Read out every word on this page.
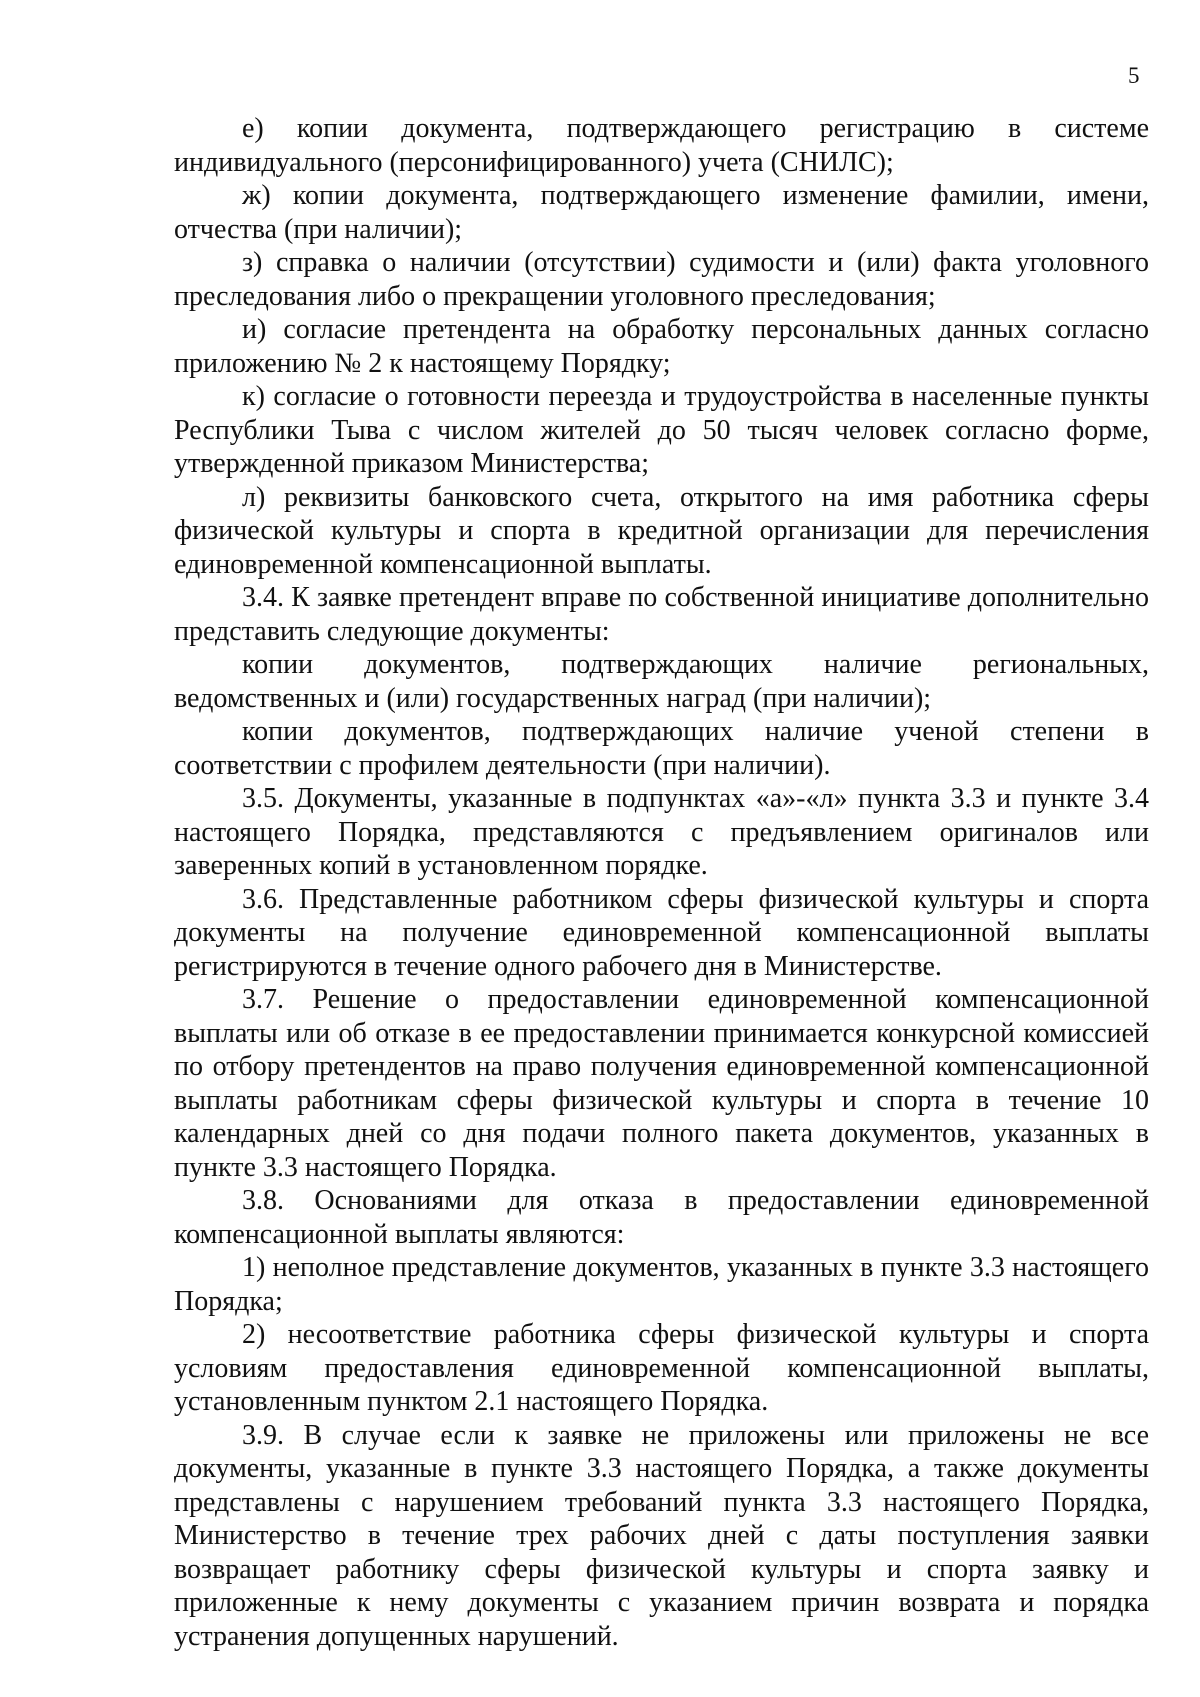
5

е) копии документа, подтверждающего регистрацию в системе индивидуального (персонифицированного) учета (СНИЛС);

ж) копии документа, подтверждающего изменение фамилии, имени, отчества (при наличии);

з) справка о наличии (отсутствии) судимости и (или) факта уголовного преследования либо о прекращении уголовного преследования;

и) согласие претендента на обработку персональных данных согласно приложению № 2 к настоящему Порядку;

к) согласие о готовности переезда и трудоустройства в населенные пункты Республики Тыва с числом жителей до 50 тысяч человек согласно форме, утвержденной приказом Министерства;

л) реквизиты банковского счета, открытого на имя работника сферы физической культуры и спорта в кредитной организации для перечисления единовременной компенсационной выплаты.

3.4. К заявке претендент вправе по собственной инициативе дополнительно представить следующие документы:

копии документов, подтверждающих наличие региональных, ведомственных и (или) государственных наград (при наличии);

копии документов, подтверждающих наличие ученой степени в соответствии с профилем деятельности (при наличии).

3.5. Документы, указанные в подпунктах «а»-«л» пункта 3.3 и пункте 3.4 настоящего Порядка, представляются с предъявлением оригиналов или заверенных копий в установленном порядке.

3.6. Представленные работником сферы физической культуры и спорта документы на получение единовременной компенсационной выплаты регистрируются в течение одного рабочего дня в Министерстве.

3.7. Решение о предоставлении единовременной компенсационной выплаты или об отказе в ее предоставлении принимается конкурсной комиссией по отбору претендентов на право получения единовременной компенсационной выплаты работникам сферы физической культуры и спорта в течение 10 календарных дней со дня подачи полного пакета документов, указанных в пункте 3.3 настоящего Порядка.

3.8. Основаниями для отказа в предоставлении единовременной компенсационной выплаты являются:

1) неполное представление документов, указанных в пункте 3.3 настоящего Порядка;

2) несоответствие работника сферы физической культуры и спорта условиям предоставления единовременной компенсационной выплаты, установленным пунктом 2.1 настоящего Порядка.

3.9. В случае если к заявке не приложены или приложены не все документы, указанные в пункте 3.3 настоящего Порядка, а также документы представлены с нарушением требований пункта 3.3 настоящего Порядка, Министерство в течение трех рабочих дней с даты поступления заявки возвращает работнику сферы физической культуры и спорта заявку и приложенные к нему документы с указанием причин возврата и порядка устранения допущенных нарушений.
